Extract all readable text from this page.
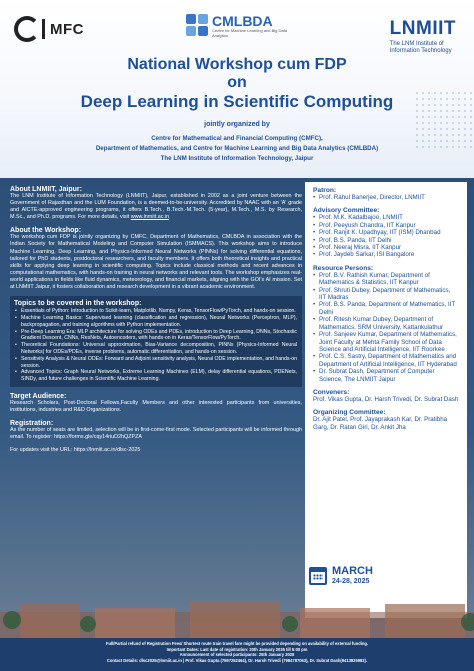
MFC	CMLBDA
Centre for Machine Learning and Big Data Analytics	LNMIIT
The LNM Institute of
Information Technology
National Workshop cum FDP
on
Deep Learning in Scientific Computing
jointly organized by
Centre for Mathematical and Financial Computing (CMFC),
Department of Mathematics, and Centre for Machine Learning and Big Data Analytics (CMLBDA)
The LNM Institute of Information Technology, Jaipur
About LNMIIT, Jaipur:
The LNM Institute of Information Technology (LNMIIT), Jaipur, established in 2002 as a joint venture between the Government of Rajasthan and the LUM Foundation, is a deemed-to-be-university. Accredited by NAAC with an 'A' grade and AICTE-approved engineering programs, it offers B.Tech., B.Tech.-M.Tech. (5-year), M.Tech., M.S. by Research, M.Sc., and Ph.D. programs. For more details, visit www.lnmiit.ac.in
About the Workshop:
The workshop cum FDP is jointly organizing by CMFC, Department of Mathematics, CMLBDA in association with the Indian Society for Mathematical Modeling and Computer Simulation (ISMMACS). This workshop aims to introduce Machine Learning, Deep Learning, and Physics-Informed Neural Networks (PINNs) for solving differential equations, tailored for PhD students, postdoctoral researchers, and faculty members. It offers both theoretical insights and practical skills for applying deep learning in scientific computing. Topics include classical methods and recent advances in computational mathematics, with hands-on training in neural networks and relevant tools. The workshop emphasizes real-world applications in fields like fluid dynamics, meteorology, and financial markets, aligning with the GOI's AI mission. Set at LNMIIT Jaipur, it fosters collaboration and research development in a vibrant academic environment.
Topics to be covered in the workshop:
• Essentials of Python: Introduction to Scikit-learn, Matplotlib, Numpy, Keras, TensorFlow/PyTorch, and hands-on session.
• Machine Learning Basics: Supervised learning (classification and regression), Neural Networks (Perceptron, MLP), backpropagation, and training algorithms with Python implementation.
• Pre-Deep Learning Era: MLP architecture for solving ODEs and PDEs, introduction to Deep Learning, DNNs, Stochastic Gradient Descent, CNNs, ResNets, Autoencoders, with hands-on in Keras/TensorFlow/PyTorch.
• Theoretical Foundations: Universal approximation, Bias-Variance decomposition, PINNs (Physics-Informed Neural Networks) for ODEs/PDEs, inverse problems, automatic differentiation, and hands-on session.
• Sensitivity Analysis & Neural ODEs: Forward and Adjoint sensitivity analysis, Neural ODE implementation, and hands-on session.
• Advanced Topics: Graph Neural Networks, Extreme Learning Machines (ELM), delay differential equations, PDENets, SINDy, and future challenges in Scientific Machine Learning.
Target Audience:
Research Scholars, Post-Doctoral Fellows,Faculty Members and other interested participants from universities, institutions, industries and R&D Organizations.
Registration:
As the number of seats are limited, selection will be in first-come-first mode. Selected participants will be informed through email. To register: https://forms.gle/cqy14riuD2hQZPZA
For updates visit the URL: https://lnmiit.ac.in/dlsc-2025
Patron:
• Prof. Rahul Banerjee, Director, LNMIIT
Advisory Committee:
• Prof. M.K. Kadalbajoo, LNMIIT
• Prof. Peeyush Chandra, IIT Kanpur
• Prof. Ranjit K. Upadhyay, IIT (ISM) Dhanbad
• Prof. B.S. Panda, IIT Delhi
• Prof. Neeraj Misra, IIT Kanpur
• Prof. Jaydeb Sarkar, ISI Bangalore
Resource Persons:
• Prof. B.V. Rathish Kumar, Department of Mathematics & Statistics, IIT Kanpur
• Prof. Shruti Dubey, Department of Mathematics, IIT Madras
• Prof. B.S. Panda, Department of Mathematics, IIT Delhi
• Prof. Ritesh Kumar Dubey, Department of Mathematics, SRM University, Kattankulathur
• Prof. Sanjeev Kumar, Department of Mathematics, Joint Faculty at Mehta Family School of Data Science and Artificial Intelligence, IIT Roorkee
• Prof. C.S. Sastry, Department of Mathematics and Department of Artificial Intelligence, IIT Hyderabad
• Dr. Subrat Dash, Department of Computer Science, The LNMIIT Jaipur
Conveners:
Prof. Vikas Gupta, Dr. Harsh Trivedi, Dr. Subrat Dash
Organizing Committee:
Dr. Ajit Patel, Prof. Jayaprakash Kar, Dr. Pratibha Garg, Dr. Ratan Giri, Dr. Ankit Jha
MARCH
24-28, 2025
Full/Partial refund of Registration Fees/ Shortest route train travel fare might be provided depending on availability of external funding.
Important Dates: Last date of registration: 20th January 2025 till 5:00 pm
Announcement of selected participants: 25th January 2025
Contact Details: dlsc2025@lnmiit.ac.in | Prof. Vikas Gupta (7597252464), Dr. Harsh Trivedi (7984787063), Dr. Subrat Dash(9413825982).
